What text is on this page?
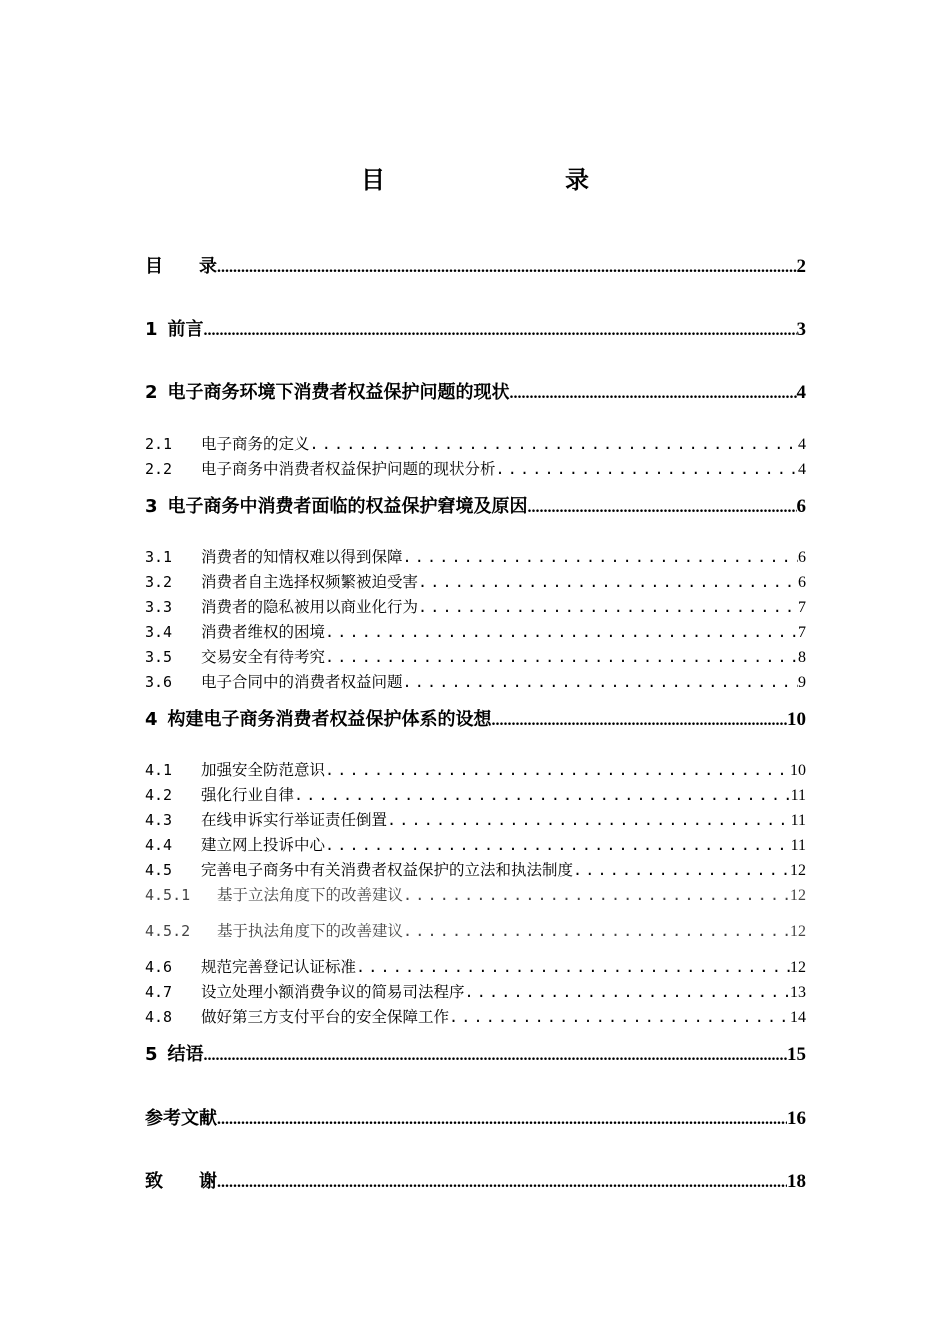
目　　录
目　　录 .....	2
1 前言 .....	3
2 电子商务环境下消费者权益保护问题的现状 .....	4
2.1	电子商务的定义 .....	4
2.2	电子商务中消费者权益保护问题的现状分析 .....	4
3 电子商务中消费者面临的权益保护窘境及原因 .....	6
3.1	消费者的知情权难以得到保障 .....	6
3.2	消费者自主选择权频繁被迫受害 .....	6
3.3	消费者的隐私被用以商业化行为 .....	7
3.4	消费者维权的困境 .....	7
3.5	交易安全有待考究 .....	8
3.6	电子合同中的消费者权益问题 .....	9
4 构建电子商务消费者权益保护体系的设想 .....	10
4.1	加强安全防范意识 .....	10
4.2	强化行业自律 .....	11
4.3	在线申诉实行举证责任倒置 .....	11
4.4	建立网上投诉中心 .....	11
4.5	完善电子商务中有关消费者权益保护的立法和执法制度 .....	12
4.5.1	基于立法角度下的改善建议 .....	12
4.5.2	基于执法角度下的改善建议 .....	12
4.6	规范完善登记认证标准 .....	12
4.7	设立处理小额消费争议的简易司法程序 .....	13
4.8	做好第三方支付平台的安全保障工作 .....	14
5 结语 .....	15
参考文献 .....	16
致　　谢 .....	18
